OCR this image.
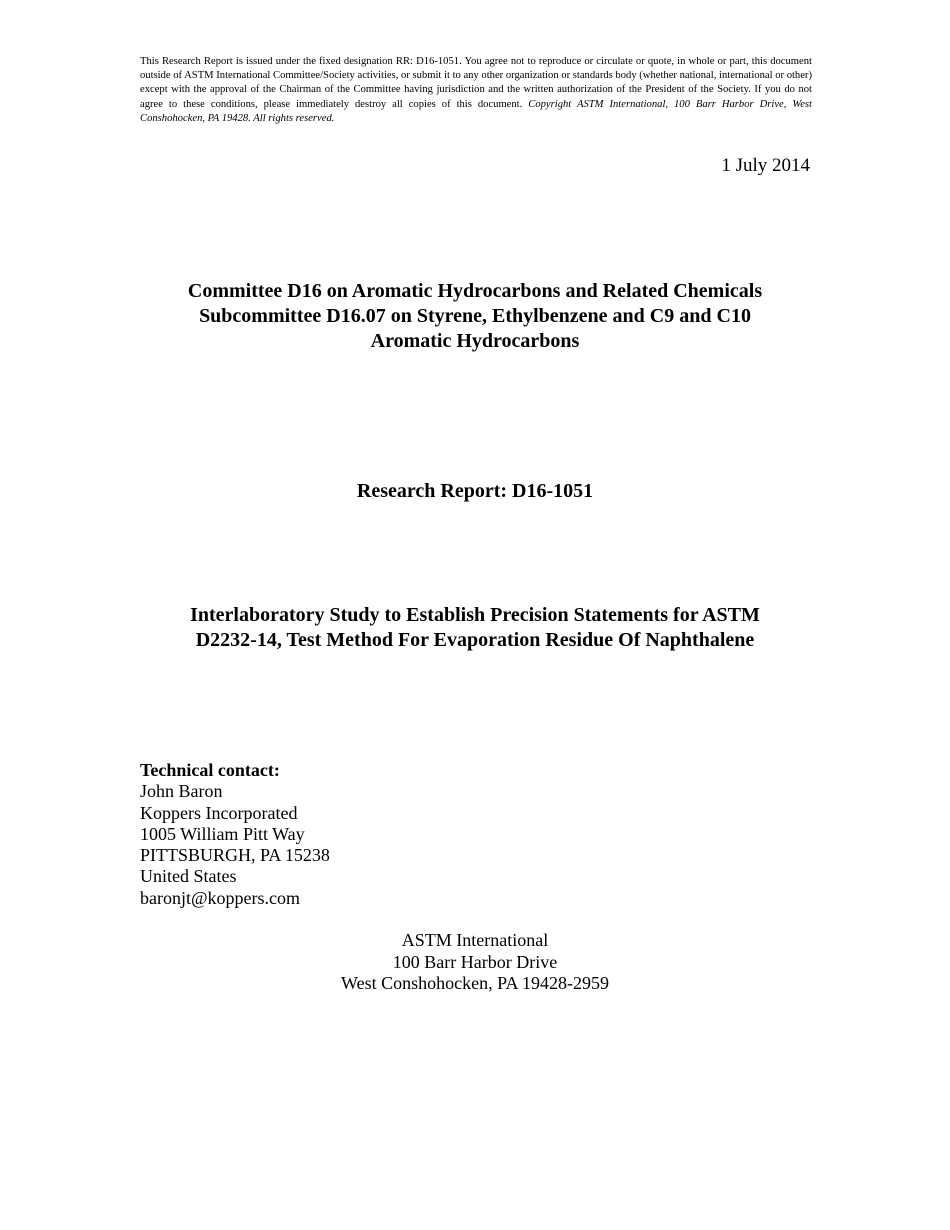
This Research Report is issued under the fixed designation RR: D16-1051. You agree not to reproduce or circulate or quote, in whole or part, this document outside of ASTM International Committee/Society activities, or submit it to any other organization or standards body (whether national, international or other) except with the approval of the Chairman of the Committee having jurisdiction and the written authorization of the President of the Society. If you do not agree to these conditions, please immediately destroy all copies of this document. Copyright ASTM International, 100 Barr Harbor Drive, West Conshohocken, PA 19428. All rights reserved.
1 July 2014
Committee D16 on Aromatic Hydrocarbons and Related Chemicals
Subcommittee D16.07 on Styrene, Ethylbenzene and C9 and C10
Aromatic Hydrocarbons
Research Report: D16-1051
Interlaboratory Study to Establish Precision Statements for ASTM
D2232-14, Test Method For Evaporation Residue Of Naphthalene
Technical contact:
John Baron
Koppers Incorporated
1005 William Pitt Way
PITTSBURGH, PA 15238
United States
baronjt@koppers.com
ASTM International
100 Barr Harbor Drive
West Conshohocken, PA 19428-2959
